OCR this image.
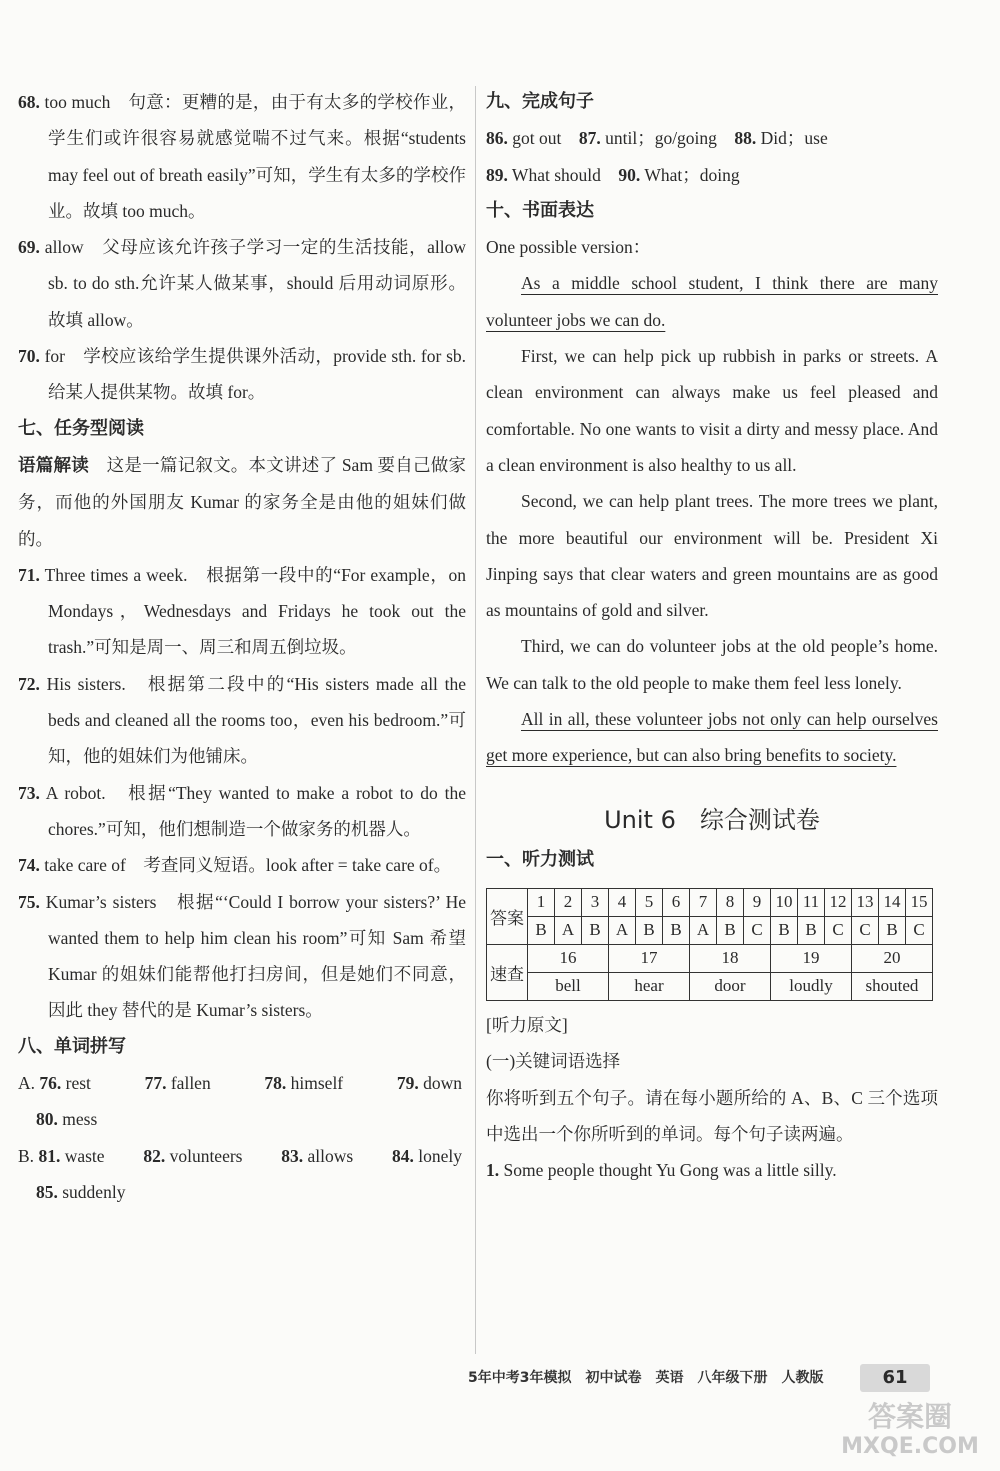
68. too much　句意：更糟的是，由于有太多的学校作业，学生们或许很容易就感觉喘不过气来。根据“students may feel out of breath easily”可知，学生有太多的学校作业。故填 too much。

69. allow　父母应该允许孩子学习一定的生活技能，allow sb. to do sth.允许某人做某事，should 后用动词原形。故填 allow。

70. for　学校应该给学生提供课外活动，provide sth. for sb.给某人提供某物。故填 for。

七、任务型阅读

语篇解读　这是一篇记叙文。本文讲述了 Sam 要自己做家务，而他的外国朋友 Kumar 的家务全是由他的姐妹们做的。

71. Three times a week.　根据第一段中的“For example，on Mondays，Wednesdays and Fridays he took out the trash.”可知是周一、周三和周五倒垃圾。

72. His sisters.　根据第二段中的“His sisters made all the beds and cleaned all the rooms too，even his bedroom.”可知，他的姐妹们为他铺床。

73. A robot.　根据“They wanted to make a robot to do the chores.”可知，他们想制造一个做家务的机器人。

74. take care of　考查同义短语。look after = take care of。

75. Kumar’s sisters　根据“‘Could I borrow your sisters?’ He wanted them to help him clean his room”可知 Sam 希望 Kumar 的姐妹们能帮他打扫房间，但是她们不同意，因此 they 替代的是 Kumar’s sisters。

八、单词拼写

A. 76. rest	77. fallen	78. himself	79. down

80. mess

B. 81. waste 82. volunteers 83. allows 84. lonely

85. suddenly

九、完成句子

86. got out 87. until；go/going 88. Did；use

89. What should 90. What；doing

十、书面表达

One possible version：

As a middle school student, I think there are many volunteer jobs we can do.

First, we can help pick up rubbish in parks or streets. A clean environment can always make us feel pleased and comfortable. No one wants to visit a dirty and messy place. And a clean environment is also healthy to us all.

Second, we can help plant trees. The more trees we plant, the more beautiful our environment will be. President Xi Jinping says that clear waters and green mountains are as good as mountains of gold and silver.

Third, we can do volunteer jobs at the old people’s home. We can talk to the old people to make them feel less lonely.

All in all, these volunteer jobs not only can help ourselves get more experience, but can also bring benefits to society.

Unit 6　综合测试卷

一、听力测试

答案	1	2	3	4	5	6	7	8	9	10	11	12	13	14	15
	B	A	B	A	B	B	A	B	C	B	B	C	C	B	C
速查	16			17			18			19			20		
	bell			hear			door			loudly			shouted		

[听力原文]

(一)关键词语选择

你将听到五个句子。请在每小题所给的 A、B、C 三个选项中选出一个你所听到的单词。每个句子读两遍。

1. Some people thought Yu Gong was a little silly.

5年中考3年模拟　初中试卷　英语　八年级下册　人教版	61
答案圈
MXQE.COM
